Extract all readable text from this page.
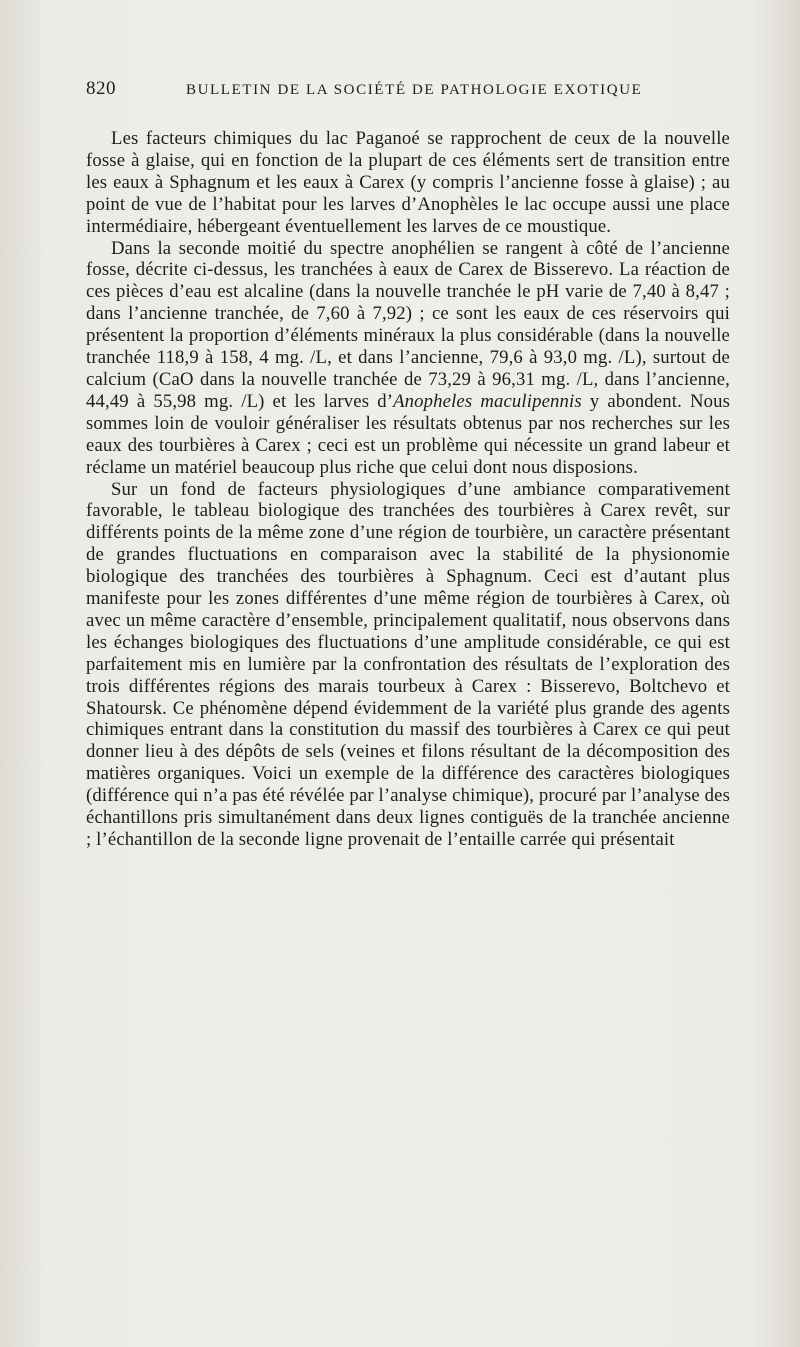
820	BULLETIN DE LA SOCIÉTÉ DE PATHOLOGIE EXOTIQUE

Les facteurs chimiques du lac Paganoé se rapprochent de ceux de la nouvelle fosse à glaise, qui en fonction de la plupart de ces éléments sert de transition entre les eaux à Sphagnum et les eaux à Carex (y compris l’ancienne fosse à glaise) ; au point de vue de l’habitat pour les larves d’Anophèles le lac occupe aussi une place intermédiaire, hébergeant éventuellement les larves de ce moustique.

Dans la seconde moitié du spectre anophélien se rangent à côté de l’ancienne fosse, décrite ci-dessus, les tranchées à eaux de Carex de Bisserevo. La réaction de ces pièces d’eau est alcaline (dans la nouvelle tranchée le pH varie de 7,40 à 8,47 ; dans l’ancienne tranchée, de 7,60 à 7,92) ; ce sont les eaux de ces réservoirs qui présentent la proportion d’éléments minéraux la plus considérable (dans la nouvelle tranchée 118,9 à 158, 4 mg. /L, et dans l’ancienne, 79,6 à 93,0 mg. /L), surtout de calcium (CaO dans la nouvelle tranchée de 73,29 à 96,31 mg. /L, dans l’ancienne, 44,49 à 55,98 mg. /L) et les larves d’Anopheles maculipennis y abondent. Nous sommes loin de vouloir généraliser les résultats obtenus par nos recherches sur les eaux des tourbières à Carex ; ceci est un problème qui nécessite un grand labeur et réclame un matériel beaucoup plus riche que celui dont nous disposions.

Sur un fond de facteurs physiologiques d’une ambiance comparativement favorable, le tableau biologique des tranchées des tourbières à Carex revêt, sur différents points de la même zone d’une région de tourbière, un caractère présentant de grandes fluctuations en comparaison avec la stabilité de la physionomie biologique des tranchées des tourbières à Sphagnum. Ceci est d’autant plus manifeste pour les zones différentes d’une même région de tourbières à Carex, où avec un même caractère d’ensemble, principalement qualitatif, nous observons dans les échanges biologiques des fluctuations d’une amplitude considérable, ce qui est parfaitement mis en lumière par la confrontation des résultats de l’exploration des trois différentes régions des marais tourbeux à Carex : Bisserevo, Boltchevo et Shatoursk. Ce phénomène dépend évidemment de la variété plus grande des agents chimiques entrant dans la constitution du massif des tourbières à Carex ce qui peut donner lieu à des dépôts de sels (veines et filons résultant de la décomposition des matières organiques. Voici un exemple de la différence des caractères biologiques (différence qui n’a pas été révélée par l’analyse chimique), procuré par l’analyse des échantillons pris simultanément dans deux lignes contiguës de la tranchée ancienne ; l’échantillon de la seconde ligne provenait de l’entaille carrée qui présentait
